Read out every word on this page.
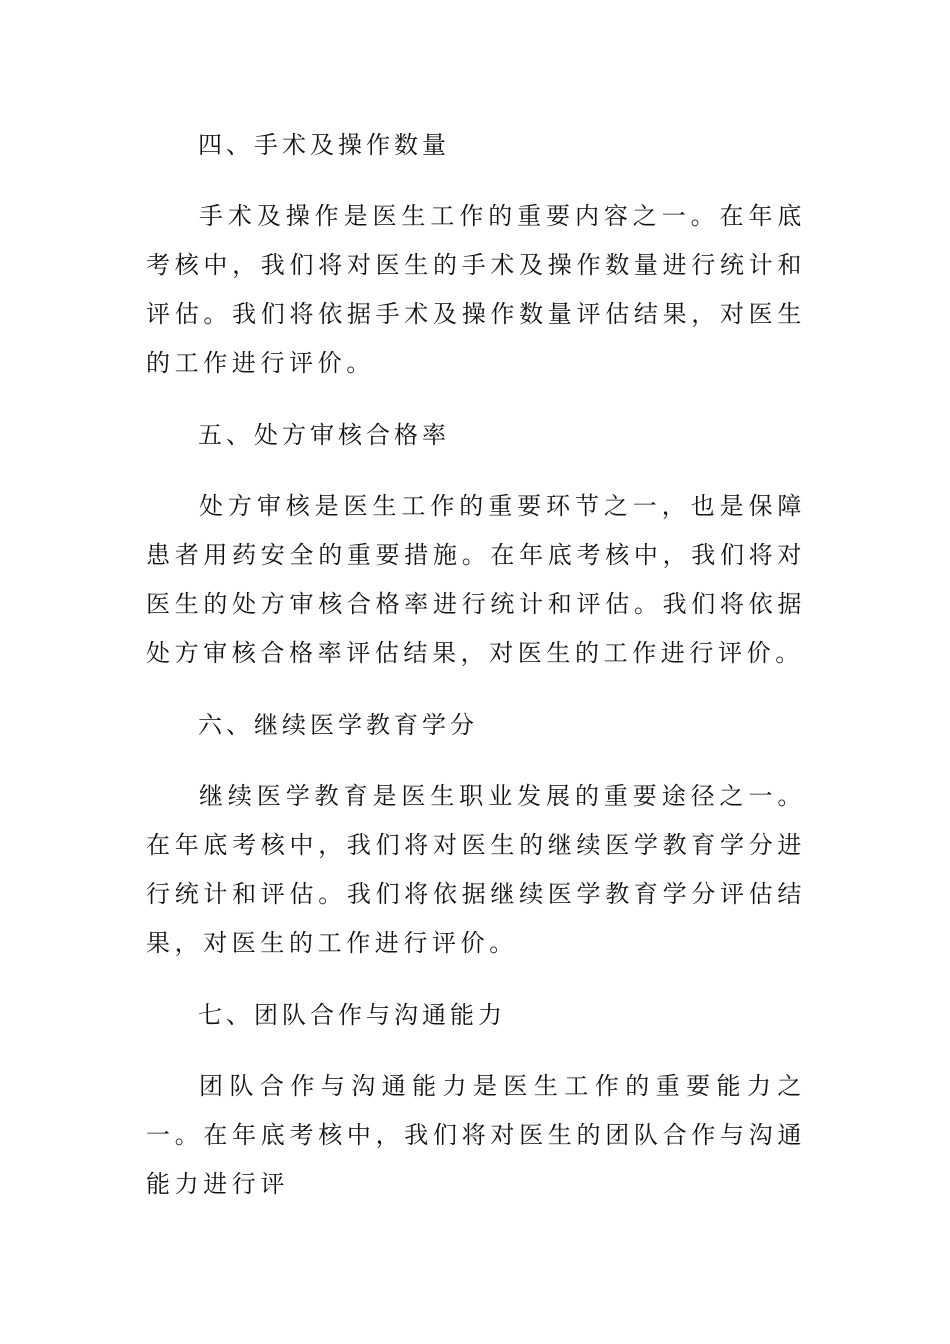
四、手术及操作数量

手术及操作是医生工作的重要内容之一。在年底考核中，我们将对医生的手术及操作数量进行统计和评估。我们将依据手术及操作数量评估结果，对医生的工作进行评价。

五、处方审核合格率

处方审核是医生工作的重要环节之一，也是保障患者用药安全的重要措施。在年底考核中，我们将对医生的处方审核合格率进行统计和评估。我们将依据处方审核合格率评估结果，对医生的工作进行评价。

六、继续医学教育学分

继续医学教育是医生职业发展的重要途径之一。在年底考核中，我们将对医生的继续医学教育学分进行统计和评估。我们将依据继续医学教育学分评估结果，对医生的工作进行评价。

七、团队合作与沟通能力

团队合作与沟通能力是医生工作的重要能力之一。在年底考核中，我们将对医生的团队合作与沟通能力进行评
